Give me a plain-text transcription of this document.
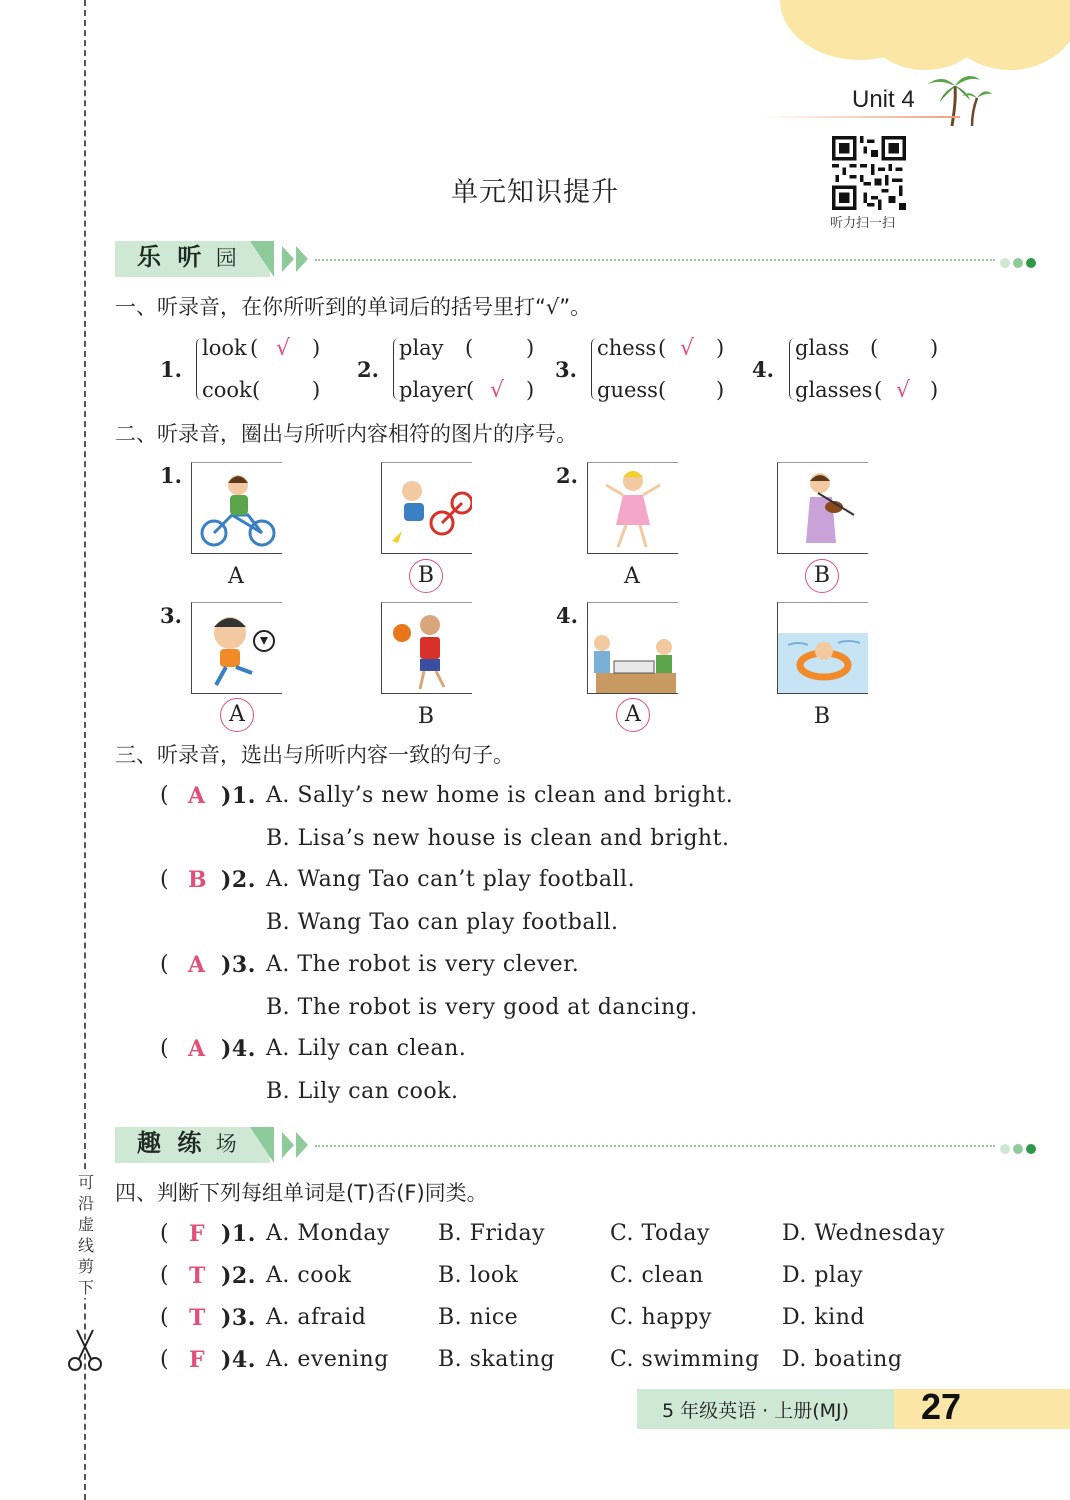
Unit 4
单元知识提升
听力扫一扫
可沿虚线剪下
乐 听 园
一、听录音，在你所听到的单词后的括号里打“√”。
1.
look ( √ )
cook ( )
2.
play (	)
player ( √ )
3.
chess ( √ )
guess ( )
4.
glass ( )
glasses ( √ )
二、听录音，圈出与所听内容相符的图片的序号。
1.
A	B
2.
A	B
3.
A	B
4.
A	B
三、听录音，选出与所听内容一致的句子。
( A )1. A. Sally’s new home is clean and bright.
B. Lisa’s new house is clean and bright.
( B )2. A. Wang Tao can’t play football.
B. Wang Tao can play football.
( A )3. A. The robot is very clever.
B. The robot is very good at dancing.
( A )4. A. Lily can clean.
B. Lily can cook.
趣 练 场
四、判断下列每组单词是(T)否(F)同类。
( F )1. A. Monday B. Friday	C. Today	D. Wednesday
( T )2. A. cook	B. look	C. clean	D. play
( T )3. A. afraid	B. nice	C. happy	D. kind
( F )4. A. evening B. skating C. swimming D. boating
5 年级英语 · 上册(MJ) 27
